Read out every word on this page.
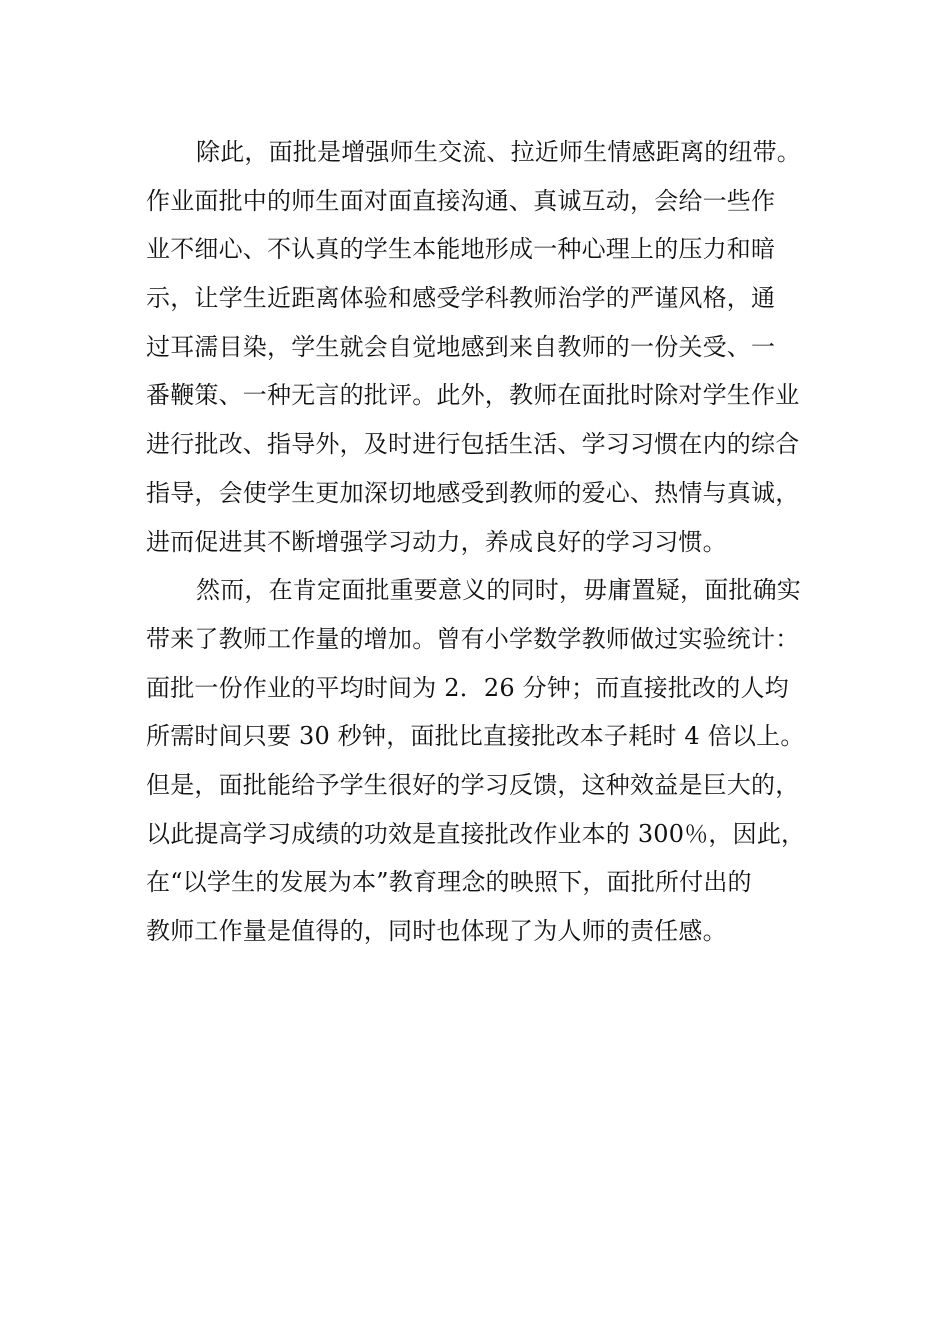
除此，面批是增强师生交流、拉近师生情感距离的纽带。
作业面批中的师生面对面直接沟通、真诚互动，会给一些作
业不细心、不认真的学生本能地形成一种心理上的压力和暗
示，让学生近距离体验和感受学科教师治学的严谨风格，通
过耳濡目染，学生就会自觉地感到来自教师的一份关受、一
番鞭策、一种无言的批评。此外，教师在面批时除对学生作业
进行批改、指导外，及时进行包括生活、学习习惯在内的综合
指导，会使学生更加深切地感受到教师的爱心、热情与真诚，
进而促进其不断增强学习动力，养成良好的学习习惯。
然而，在肯定面批重要意义的同时，毋庸置疑，面批确实
带来了教师工作量的增加。曾有小学数学教师做过实验统计：
面批一份作业的平均时间为 2．26 分钟；而直接批改的人均
所需时间只要 30 秒钟，面批比直接批改本子耗时 4 倍以上。
但是，面批能给予学生很好的学习反馈，这种效益是巨大的，
以此提高学习成绩的功效是直接批改作业本的 300％，因此，
在“以学生的发展为本”教育理念的映照下，面批所付出的
教师工作量是值得的，同时也体现了为人师的责任感。
